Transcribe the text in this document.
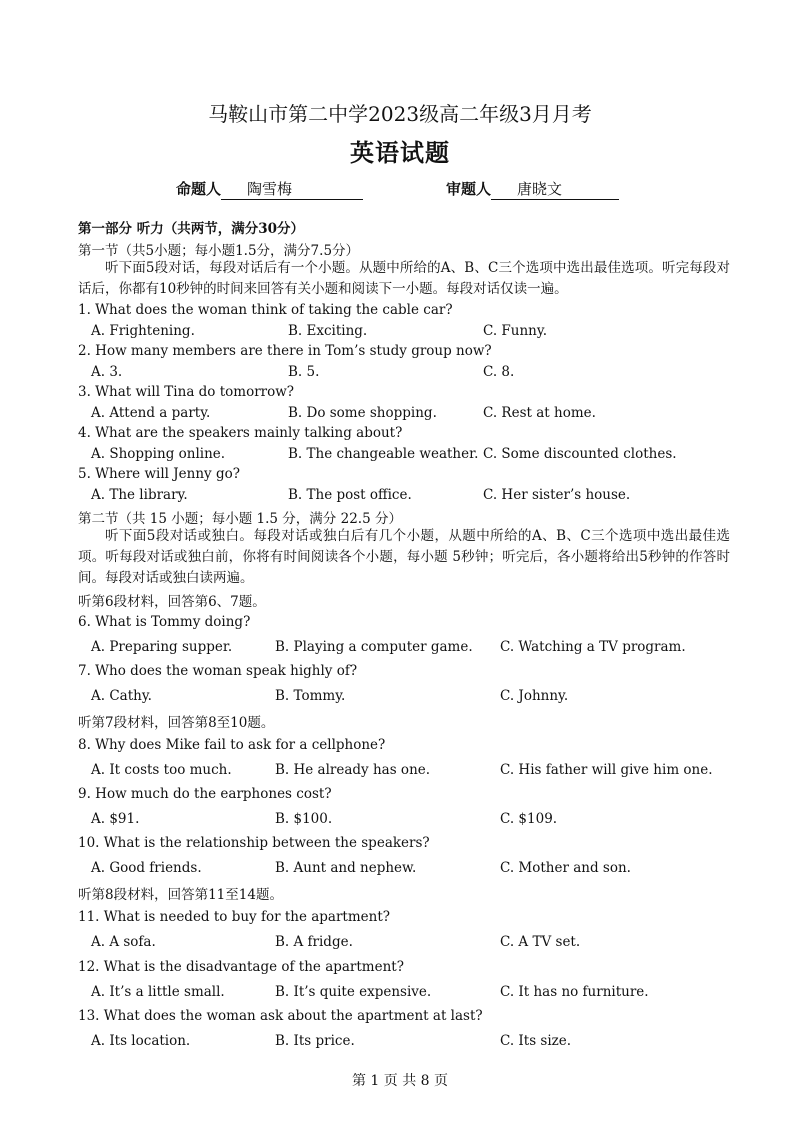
马鞍山市第二中学2023级高二年级3月月考
英语试题
命题人 陶雪梅	审题人 唐晓文
第一部分 听力（共两节，满分30分）
第一节（共5小题；每小题1.5分，满分7.5分）
听下面5段对话，每段对话后有一个小题。从题中所给的A、B、C三个选项中选出最佳选项。听完每段对话后，你都有10秒钟的时间来回答有关小题和阅读下一小题。每段对话仅读一遍。
1. What does the woman think of taking the cable car?
A. Frightening.	B. Exciting.	C. Funny.
2. How many members are there in Tom’s study group now?
A. 3.	B. 5.	C. 8.
3. What will Tina do tomorrow?
A. Attend a party.	B. Do some shopping.	C. Rest at home.
4. What are the speakers mainly talking about?
A. Shopping online.	B. The changeable weather. C. Some discounted clothes.
5. Where will Jenny go?
A. The library.	B. The post office.	C. Her sister’s house.
第二节（共 15 小题；每小题 1.5 分，满分 22.5 分）
听下面5段对话或独白。每段对话或独白后有几个小题，从题中所给的A、B、C三个选项中选出最佳选项。听每段对话或独白前，你将有时间阅读各个小题，每小题 5秒钟；听完后，各小题将给出5秒钟的作答时间。每段对话或独白读两遍。
听第6段材料，回答第6、7题。
6. What is Tommy doing?
A. Preparing supper.	B. Playing a computer game. C. Watching a TV program.
7. Who does the woman speak highly of?
A. Cathy.	B. Tommy.	C. Johnny.
听第7段材料，回答第8至10题。
8. Why does Mike fail to ask for a cellphone?
A. It costs too much.	B. He already has one.	C. His father will give him one.
9. How much do the earphones cost?
A. $91.	B. $100.	C. $109.
10. What is the relationship between the speakers?
A. Good friends.	B. Aunt and nephew.	C. Mother and son.
听第8段材料，回答第11至14题。
11. What is needed to buy for the apartment?
A. A sofa.	B. A fridge.	C. A TV set.
12. What is the disadvantage of the apartment?
A. It’s a little small.	B. It’s quite expensive.	C. It has no furniture.
13. What does the woman ask about the apartment at last?
A. Its location.	B. Its price.	C. Its size.
第 1 页 共 8 页
